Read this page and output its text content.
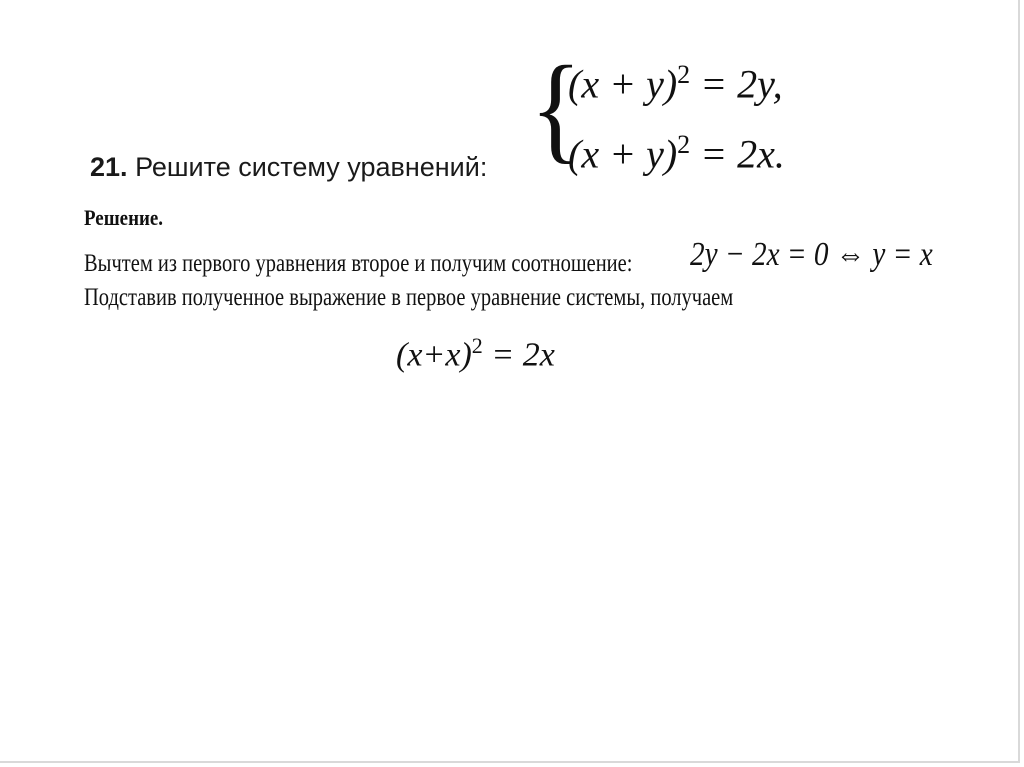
21. Решите систему уравнений: {
$(x + y)^2 = 2y$,
$(x + y)^2 = 2x$.
Решение.
Вычтем из первого уравнения второе и получим соотношение: 2y − 2x = 0 ⇔ y = x
Подставив полученное выражение в первое уравнение системы, получаем
$(x+x)^2 = 2x$
